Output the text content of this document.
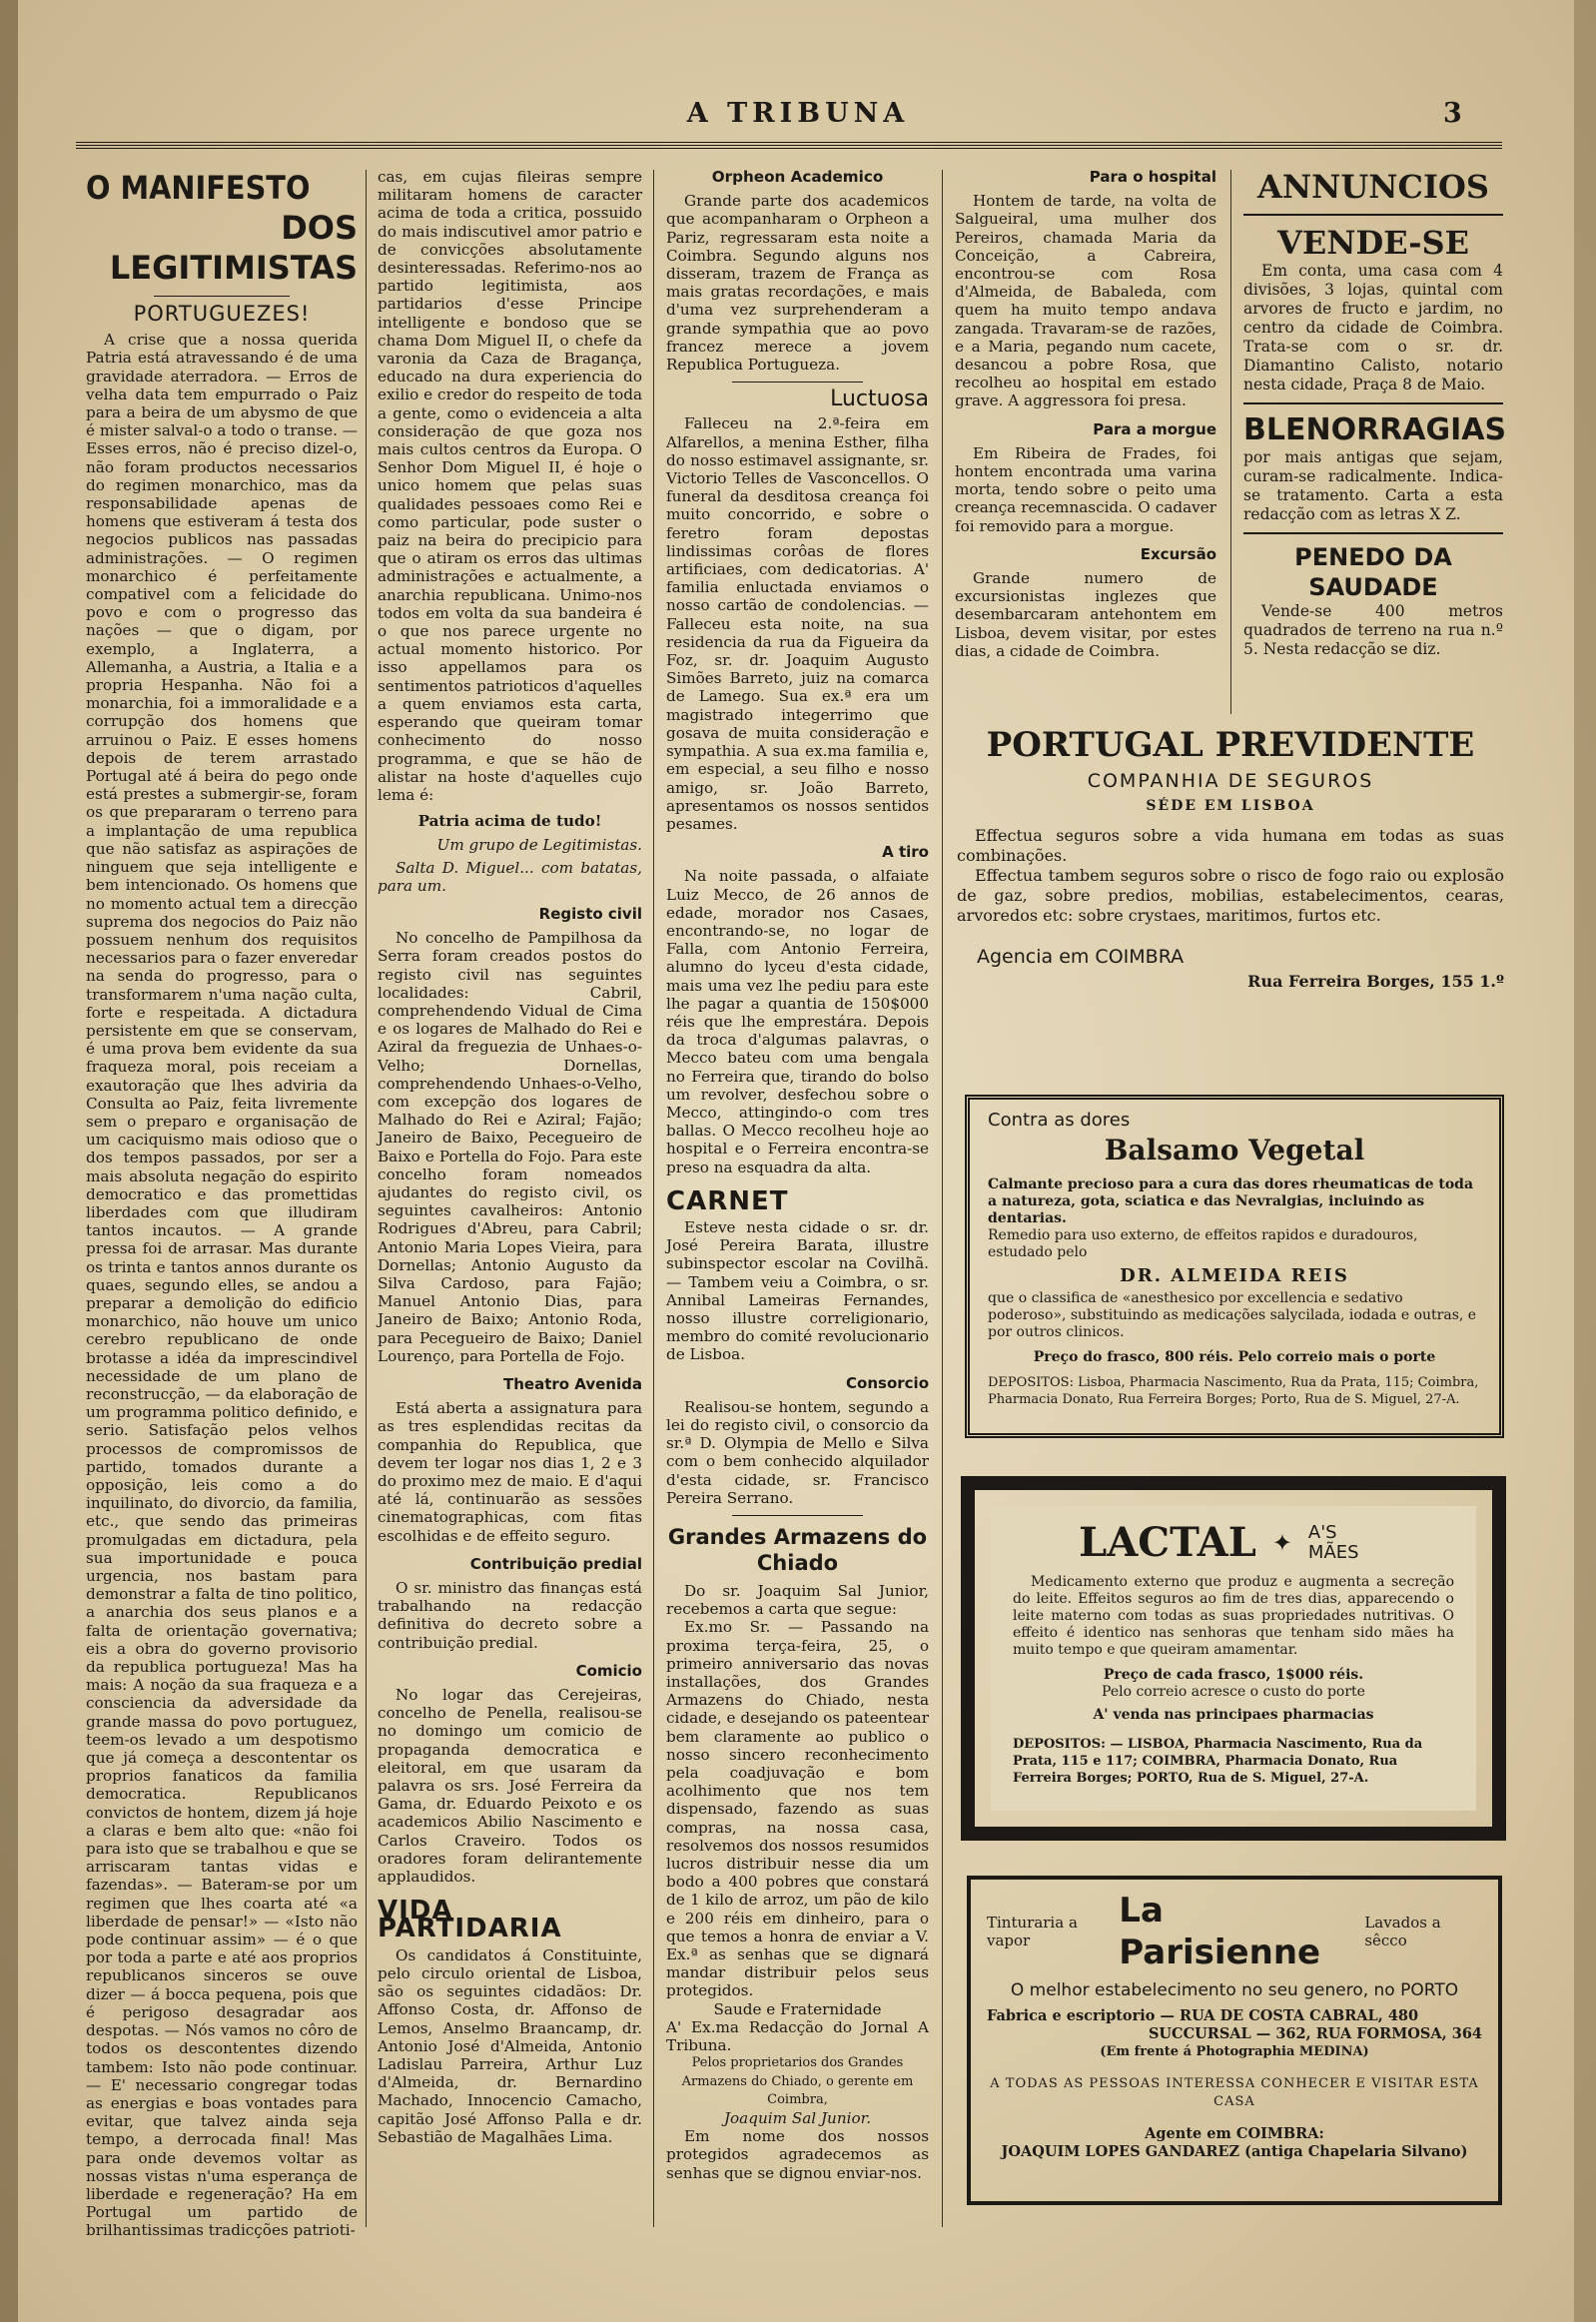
A TRIBUNA	3
O MANIFESTO
DOS LEGITIMISTAS
PORTUGUEZES!

A crise que a nossa querida Patria está atravessando é de uma gravidade aterradora. — Erros de velha data tem empurrado o Paiz para a beira de um abysmo de que é mister salval-o a todo o transe. — Esses erros, não é preciso dizel-o, não foram productos necessarios do regimen monarchico, mas da responsabilidade apenas de homens que estiveram á testa dos negocios publicos nas passadas administrações. — O regimen monarchico é perfeitamente compativel com a felicidade do povo e com o progresso das nações — que o digam, por exemplo, a Inglaterra, a Allemanha, a Austria, a Italia e a propria Hespanha. Não foi a monarchia, foi a immoralidade e a corrupção dos homens que arruinou o Paiz. E esses homens depois de terem arrastado Portugal até á beira do pego onde está prestes a submergir-se, foram os que prepararam o terreno para a implantação de uma republica que não satisfaz as aspirações de ninguem que seja intelligente e bem intencionado. Os homens que no momento actual tem a direcção suprema dos negocios do Paiz não possuem nenhum dos requisitos necessarios para o fazer enveredar na senda do progresso, para o transformarem n'uma nação culta, forte e respeitada. A dictadura persistente em que se conservam, é uma prova bem evidente da sua fraqueza moral, pois receiam a exautoração que lhes adviria da Consulta ao Paiz, feita livremente sem o preparo e organisação de um caciquismo mais odioso que o dos tempos passados, por ser a mais absoluta negação do espirito democratico e das promettidas liberdades com que illudiram tantos incautos. — A grande pressa foi de arrasar. Mas durante os trinta e tantos annos durante os quaes, segundo elles, se andou a preparar a demolição do edificio monarchico, não houve um unico cerebro republicano de onde brotasse a idéa da imprescindivel necessidade de um plano de reconstrucção, — da elaboração de um programma politico definido, e serio. Satisfação pelos velhos processos de compromissos de partido, tomados durante a opposição, leis como a do inquilinato, do divorcio, da familia, etc., que sendo das primeiras promulgadas em dictadura, pela sua importunidade e pouca urgencia, nos bastam para demonstrar a falta de tino politico, a anarchia dos seus planos e a falta de orientação governativa; eis a obra do governo provisorio da republica portugueza! Mas ha mais: A noção da sua fraqueza e a consciencia da adversidade da grande massa do povo portuguez, teem-os levado a um despotismo que já começa a descontentar os proprios fanaticos da familia democratica. Republicanos convictos de hontem, dizem já hoje a claras e bem alto que: «não foi para isto que se trabalhou e que se arriscaram tantas vidas e fazendas». — Bateram-se por um regimen que lhes coarta até «a liberdade de pensar!» — «Isto não pode continuar assim» — é o que por toda a parte e até aos proprios republicanos sinceros se ouve dizer — á bocca pequena, pois que é perigoso desagradar aos despotas. — Nós vamos no côro de todos os descontentes dizendo tambem: Isto não pode continuar. — E' necessario congregar todas as energias e boas vontades para evitar, que talvez ainda seja tempo, a derrocada final! Mas para onde devemos voltar as nossas vistas n'uma esperança de liberdade e regeneração? Ha em Portugal um partido de brilhantissimas tradicções patrioti-

cas, em cujas fileiras sempre militaram homens de caracter acima de toda a critica, possuido do mais indiscutivel amor patrio e de convicções absolutamente desinteressadas. Referimo-nos ao partido legitimista, aos partidarios d'esse Principe intelligente e bondoso que se chama Dom Miguel II, o chefe da varonia da Caza de Bragança, educado na dura experiencia do exilio e credor do respeito de toda a gente, como o evidenceia a alta consideração de que goza nos mais cultos centros da Europa. O Senhor Dom Miguel II, é hoje o unico homem que pelas suas qualidades pessoaes como Rei e como particular, pode suster o paiz na beira do precipicio para que o atiram os erros das ultimas administrações e actualmente, a anarchia republicana. Unimo-nos todos em volta da sua bandeira é o que nos parece urgente no actual momento historico. Por isso appellamos para os sentimentos patrioticos d'aquelles a quem enviamos esta carta, esperando que queiram tomar conhecimento do nosso programma, e que se hão de alistar na hoste d'aquelles cujo lema é:

Patria acima de tudo!
Um grupo de Legitimistas.

Salta D. Miguel... com batatas, para um.

Registo civil

No concelho de Pampilhosa da Serra foram creados postos do registo civil nas seguintes localidades: Cabril, comprehendendo Vidual de Cima e os logares de Malhado do Rei e Aziral da freguezia de Unhaes-o-Velho; Dornellas, comprehendendo Unhaes-o-Velho, com excepção dos logares de Malhado do Rei e Aziral; Fajão; Janeiro de Baixo, Pecegueiro de Baixo e Portella do Fojo. Para este concelho foram nomeados ajudantes do registo civil, os seguintes cavalheiros: Antonio Rodrigues d'Abreu, para Cabril; Antonio Maria Lopes Vieira, para Dornellas; Antonio Augusto da Silva Cardoso, para Fajão; Manuel Antonio Dias, para Janeiro de Baixo; Antonio Roda, para Pecegueiro de Baixo; Daniel Lourenço, para Portella de Fojo.

Theatro Avenida

Está aberta a assignatura para as tres esplendidas recitas da companhia do Republica, que devem ter logar nos dias 1, 2 e 3 do proximo mez de maio. E d'aqui até lá, continuarão as sessões cinematographicas, com fitas escolhidas e de effeito seguro.

Contribuição predial

O sr. ministro das finanças está trabalhando na redacção definitiva do decreto sobre a contribuição predial.

Comicio

No logar das Cerejeiras, concelho de Penella, realisou-se no domingo um comicio de propaganda democratica e eleitoral, em que usaram da palavra os srs. José Ferreira da Gama, dr. Eduardo Peixoto e os academicos Abilio Nascimento e Carlos Craveiro. Todos os oradores foram delirantemente applaudidos.

VIDA PARTIDARIA

Os candidatos á Constituinte, pelo circulo oriental de Lisboa, são os seguintes cidadãos: Dr. Affonso Costa, dr. Affonso de Lemos, Anselmo Braancamp, dr. Antonio José d'Almeida, Antonio Ladislau Parreira, Arthur Luz d'Almeida, dr. Bernardino Machado, Innocencio Camacho, capitão José Affonso Palla e dr. Sebastião de Magalhães Lima.

Orpheon Academico

Grande parte dos academicos que acompanharam o Orpheon a Pariz, regressaram esta noite a Coimbra. Segundo alguns nos disseram, trazem de França as mais gratas recordações, e mais d'uma vez surprehenderam a grande sympathia que ao povo francez merece a jovem Republica Portugueza.

Luctuosa

Falleceu na 2.ª-feira em Alfarellos, a menina Esther, filha do nosso estimavel assignante, sr. Victorio Telles de Vasconcellos. O funeral da desditosa creança foi muito concorrido, e sobre o feretro foram depostas lindissimas corôas de flores artificiaes, com dedicatorias. A' familia enluctada enviamos o nosso cartão de condolencias. — Falleceu esta noite, na sua residencia da rua da Figueira da Foz, sr. dr. Joaquim Augusto Simões Barreto, juiz na comarca de Lamego. Sua ex.ª era um magistrado integerrimo que gosava de muita consideração e sympathia. A sua ex.ma familia e, em especial, a seu filho e nosso amigo, sr. João Barreto, apresentamos os nossos sentidos pesames.

A tiro

Na noite passada, o alfaiate Luiz Mecco, de 26 annos de edade, morador nos Casaes, encontrando-se, no logar de Falla, com Antonio Ferreira, alumno do lyceu d'esta cidade, mais uma vez lhe pediu para este lhe pagar a quantia de 150$000 réis que lhe emprestára. Depois da troca d'algumas palavras, o Mecco bateu com uma bengala no Ferreira que, tirando do bolso um revolver, desfechou sobre o Mecco, attingindo-o com tres ballas. O Mecco recolheu hoje ao hospital e o Ferreira encontra-se preso na esquadra da alta.

CARNET

Esteve nesta cidade o sr. dr. José Pereira Barata, illustre subinspector escolar na Covilhã. — Tambem veiu a Coimbra, o sr. Annibal Lameiras Fernandes, nosso illustre correligionario, membro do comité revolucionario de Lisboa.

Consorcio

Realisou-se hontem, segundo a lei do registo civil, o consorcio da sr.ª D. Olympia de Mello e Silva com o bem conhecido alquilador d'esta cidade, sr. Francisco Pereira Serrano.

Grandes Armazens do Chiado

Do sr. Joaquim Sal Junior, recebemos a carta que segue:

Ex.mo Sr. — Passando na proxima terça-feira, 25, o primeiro anniversario das novas installações, dos Grandes Armazens do Chiado, nesta cidade, e desejando os pateentear bem claramente ao publico o nosso sincero reconhecimento pela coadjuvação e bom acolhimento que nos tem dispensado, fazendo as suas compras, na nossa casa, resolvemos dos nossos resumidos lucros distribuir nesse dia um bodo a 400 pobres que constará de 1 kilo de arroz, um pão de kilo e 200 réis em dinheiro, para o que temos a honra de enviar a V. Ex.ª as senhas que se dignará mandar distribuir pelos seus protegidos.

Saude e Fraternidade
A' Ex.ma Redacção do Jornal A Tribuna.
Pelos proprietarios dos Grandes Armazens do Chiado, o gerente em Coimbra,
Joaquim Sal Junior.

Em nome dos nossos protegidos agradecemos as senhas que se dignou enviar-nos.

Para o hospital

Hontem de tarde, na volta de Salgueiral, uma mulher dos Pereiros, chamada Maria da Conceição, a Cabreira, encontrou-se com Rosa d'Almeida, de Babaleda, com quem ha muito tempo andava zangada. Travaram-se de razões, e a Maria, pegando num cacete, desancou a pobre Rosa, que recolheu ao hospital em estado grave. A aggressora foi presa.

Para a morgue

Em Ribeira de Frades, foi hontem encontrada uma varina morta, tendo sobre o peito uma creança recemnascida. O cadaver foi removido para a morgue.

Excursão

Grande numero de excursionistas inglezes que desembarcaram antehontem em Lisboa, devem visitar, por estes dias, a cidade de Coimbra.

ANNUNCIOS
VENDE-SE

Em conta, uma casa com 4 divisões, 3 lojas, quintal com arvores de fructo e jardim, no centro da cidade de Coimbra. Trata-se com o sr. dr. Diamantino Calisto, notario nesta cidade, Praça 8 de Maio.

BLENORRAGIAS

por mais antigas que sejam, curam-se radicalmente. Indica-se tratamento. Carta a esta redacção com as letras X Z.

PENEDO DA SAUDADE

Vende-se 400 metros quadrados de terreno na rua n.º 5. Nesta redacção se diz.

PORTUGAL PREVIDENTE
COMPANHIA DE SEGUROS
SÉDE EM LISBOA

Effectua seguros sobre a vida humana em todas as suas combinações.

Effectua tambem seguros sobre o risco de fogo raio ou explosão de gaz, sobre predios, mobilias, estabelecimentos, cearas, arvoredos etc: sobre crystaes, maritimos, furtos etc.

Agencia em COIMBRA
Rua Ferreira Borges, 155 1.º
Contra as dores
Balsamo Vegetal
Calmante precioso para a cura das dores rheumaticas de toda a natureza, gota, sciatica e das Nevralgias, incluindo as dentarias.
Remedio para uso externo, de effeitos rapidos e duradouros, estudado pelo
DR. ALMEIDA REIS
que o classifica de «anesthesico por excellencia e sedativo poderoso», substituindo as medicações salycilada, iodada e outras, e por outros clinicos.
Preço do frasco, 800 réis. Pelo correio mais o porte
DEPOSITOS: Lisboa, Pharmacia Nascimento, Rua da Prata, 115; Coimbra, Pharmacia Donato, Rua Ferreira Borges; Porto, Rua de S. Miguel, 27-A.
LACTAL ✦ A'S MÃES

Medicamento externo que produz e augmenta a secreção do leite. Effeitos seguros ao fim de tres dias, apparecendo o leite materno com todas as suas propriedades nutritivas. O effeito é identico nas senhoras que tenham sido mães ha muito tempo e que queiram amamentar.

Preço de cada frasco, 1$000 réis.
Pelo correio acresce o custo do porte
A' venda nas principaes pharmacias
DEPOSITOS: — LISBOA, Pharmacia Nascimento, Rua da Prata, 115 e 117; COIMBRA, Pharmacia Donato, Rua Ferreira Borges; PORTO, Rua de S. Miguel, 27-A.
Tinturaria a vapor
La Parisienne
Lavados a sêcco
O melhor estabelecimento no seu genero, no PORTO
Fabrica e escriptorio — RUA DE COSTA CABRAL, 480
SUCCURSAL — 362, RUA FORMOSA, 364
(Em frente á Photographia MEDINA)
A TODAS AS PESSOAS INTERESSA CONHECER E VISITAR ESTA CASA
Agente em COIMBRA:
JOAQUIM LOPES GANDAREZ (antiga Chapelaria Silvano)
